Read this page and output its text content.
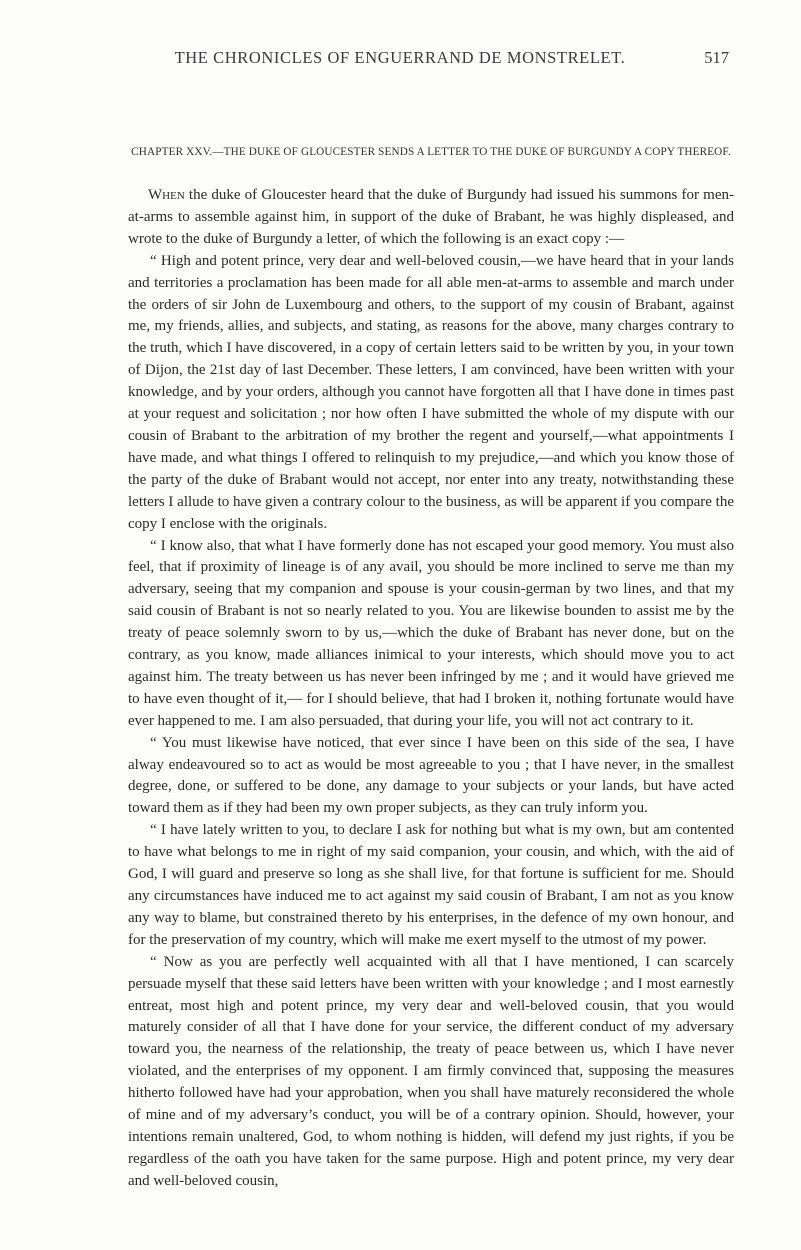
THE CHRONICLES OF ENGUERRAND DE MONSTRELET.	517
CHAPTER XXV.—THE DUKE OF GLOUCESTER SENDS A LETTER TO THE DUKE OF BURGUNDY A COPY THEREOF.

When the duke of Gloucester heard that the duke of Burgundy had issued his summons for men-at-arms to assemble against him, in support of the duke of Brabant, he was highly displeased, and wrote to the duke of Burgundy a letter, of which the following is an exact copy :—

“ High and potent prince, very dear and well-beloved cousin,—we have heard that in your lands and territories a proclamation has been made for all able men-at-arms to assemble and march under the orders of sir John de Luxembourg and others, to the support of my cousin of Brabant, against me, my friends, allies, and subjects, and stating, as reasons for the above, many charges contrary to the truth, which I have discovered, in a copy of certain letters said to be written by you, in your town of Dijon, the 21st day of last December. These letters, I am convinced, have been written with your knowledge, and by your orders, although you cannot have forgotten all that I have done in times past at your request and solicitation ; nor how often I have submitted the whole of my dispute with our cousin of Brabant to the arbitration of my brother the regent and yourself,—what appointments I have made, and what things I offered to relinquish to my prejudice,—and which you know those of the party of the duke of Brabant would not accept, nor enter into any treaty, notwithstanding these letters I allude to have given a contrary colour to the business, as will be apparent if you compare the copy I enclose with the originals.

“ I know also, that what I have formerly done has not escaped your good memory. You must also feel, that if proximity of lineage is of any avail, you should be more inclined to serve me than my adversary, seeing that my companion and spouse is your cousin-german by two lines, and that my said cousin of Brabant is not so nearly related to you. You are likewise bounden to assist me by the treaty of peace solemnly sworn to by us,—which the duke of Brabant has never done, but on the contrary, as you know, made alliances inimical to your interests, which should move you to act against him. The treaty between us has never been infringed by me ; and it would have grieved me to have even thought of it,— for I should believe, that had I broken it, nothing fortunate would have ever happened to me. I am also persuaded, that during your life, you will not act contrary to it.

“ You must likewise have noticed, that ever since I have been on this side of the sea, I have alway endeavoured so to act as would be most agreeable to you ; that I have never, in the smallest degree, done, or suffered to be done, any damage to your subjects or your lands, but have acted toward them as if they had been my own proper subjects, as they can truly inform you.

“ I have lately written to you, to declare I ask for nothing but what is my own, but am contented to have what belongs to me in right of my said companion, your cousin, and which, with the aid of God, I will guard and preserve so long as she shall live, for that fortune is sufficient for me. Should any circumstances have induced me to act against my said cousin of Brabant, I am not as you know any way to blame, but constrained thereto by his enterprises, in the defence of my own honour, and for the preservation of my country, which will make me exert myself to the utmost of my power.

“ Now as you are perfectly well acquainted with all that I have mentioned, I can scarcely persuade myself that these said letters have been written with your knowledge ; and I most earnestly entreat, most high and potent prince, my very dear and well-beloved cousin, that you would maturely consider of all that I have done for your service, the different conduct of my adversary toward you, the nearness of the relationship, the treaty of peace between us, which I have never violated, and the enterprises of my opponent. I am firmly convinced that, supposing the measures hitherto followed have had your approbation, when you shall have maturely reconsidered the whole of mine and of my adversary’s conduct, you will be of a contrary opinion. Should, however, your intentions remain unaltered, God, to whom nothing is hidden, will defend my just rights, if you be regardless of the oath you have taken for the same purpose. High and potent prince, my very dear and well-beloved cousin,
